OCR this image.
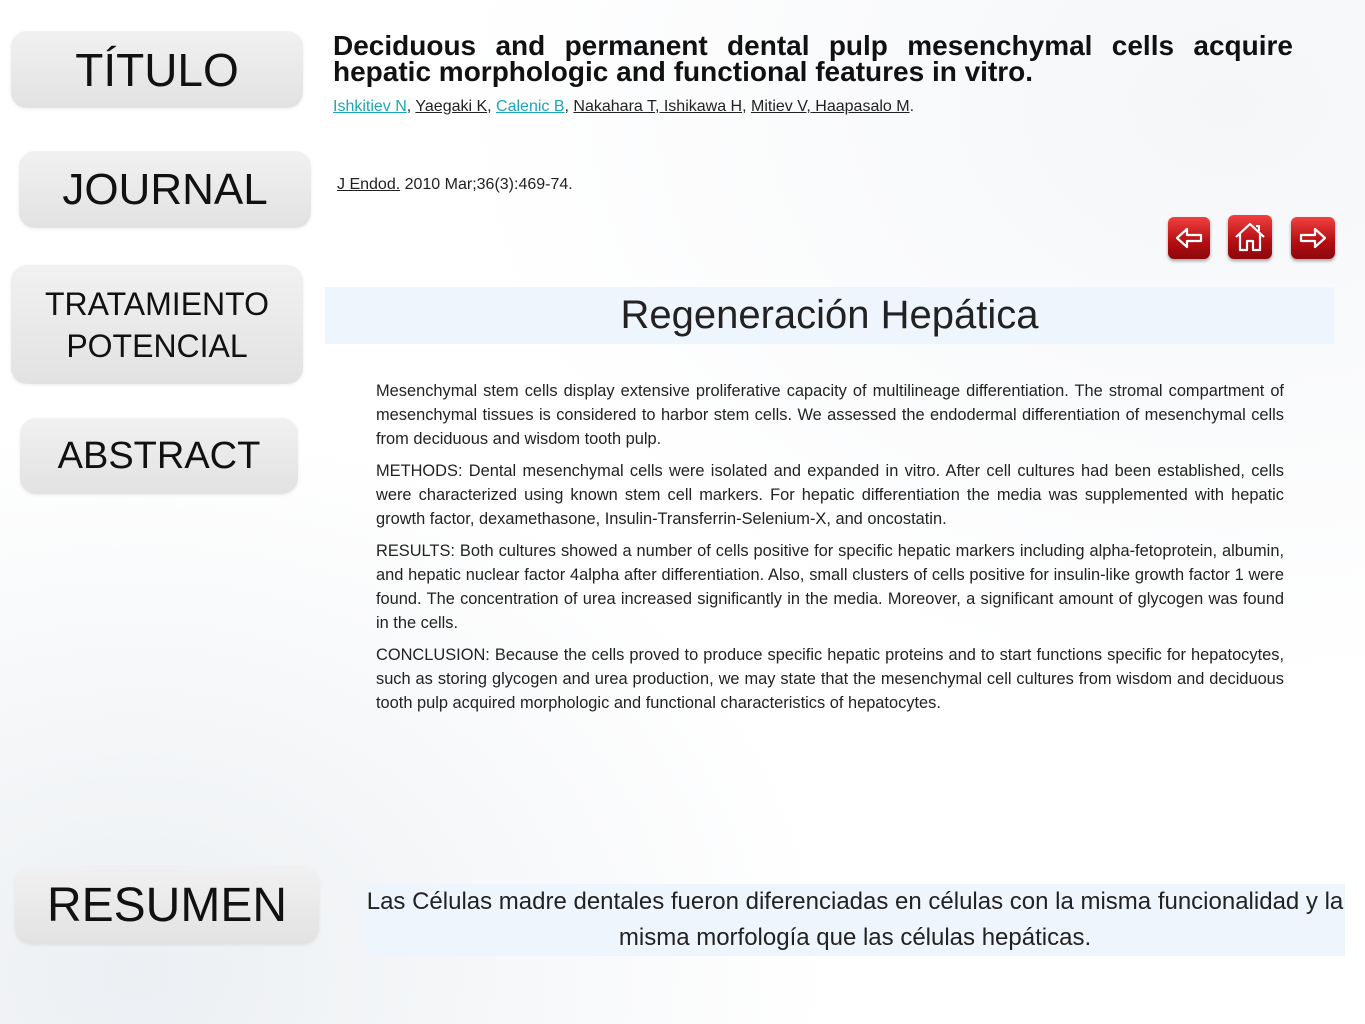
TÍTULO
JOURNAL
TRATAMIENTO
POTENCIAL
ABSTRACT
RESUMEN
Deciduous and permanent dental pulp mesenchymal cells acquire hepatic morphologic and functional features in vitro.
Ishkitiev N, Yaegaki K, Calenic B, Nakahara T, Ishikawa H, Mitiev V, Haapasalo M.
J Endod. 2010 Mar;36(3):469-74.
Regeneración Hepática

Mesenchymal stem cells display extensive proliferative capacity of multilineage differentiation. The stromal compartment of mesenchymal tissues is considered to harbor stem cells. We assessed the endodermal differentiation of mesenchymal cells from deciduous and wisdom tooth pulp.

METHODS: Dental mesenchymal cells were isolated and expanded in vitro. After cell cultures had been established, cells were characterized using known stem cell markers. For hepatic differentiation the media was supplemented with hepatic growth factor, dexamethasone, Insulin-Transferrin-Selenium-X, and oncostatin.

RESULTS: Both cultures showed a number of cells positive for specific hepatic markers including alpha-fetoprotein, albumin, and hepatic nuclear factor 4alpha after differentiation. Also, small clusters of cells positive for insulin-like growth factor 1 were found. The concentration of urea increased significantly in the media. Moreover, a significant amount of glycogen was found in the cells.

CONCLUSION: Because the cells proved to produce specific hepatic proteins and to start functions specific for hepatocytes, such as storing glycogen and urea production, we may state that the mesenchymal cell cultures from wisdom and deciduous tooth pulp acquired morphologic and functional characteristics of hepatocytes.

Las Células madre dentales fueron diferenciadas en células con la misma funcionalidad y la misma morfología que las células hepáticas.
